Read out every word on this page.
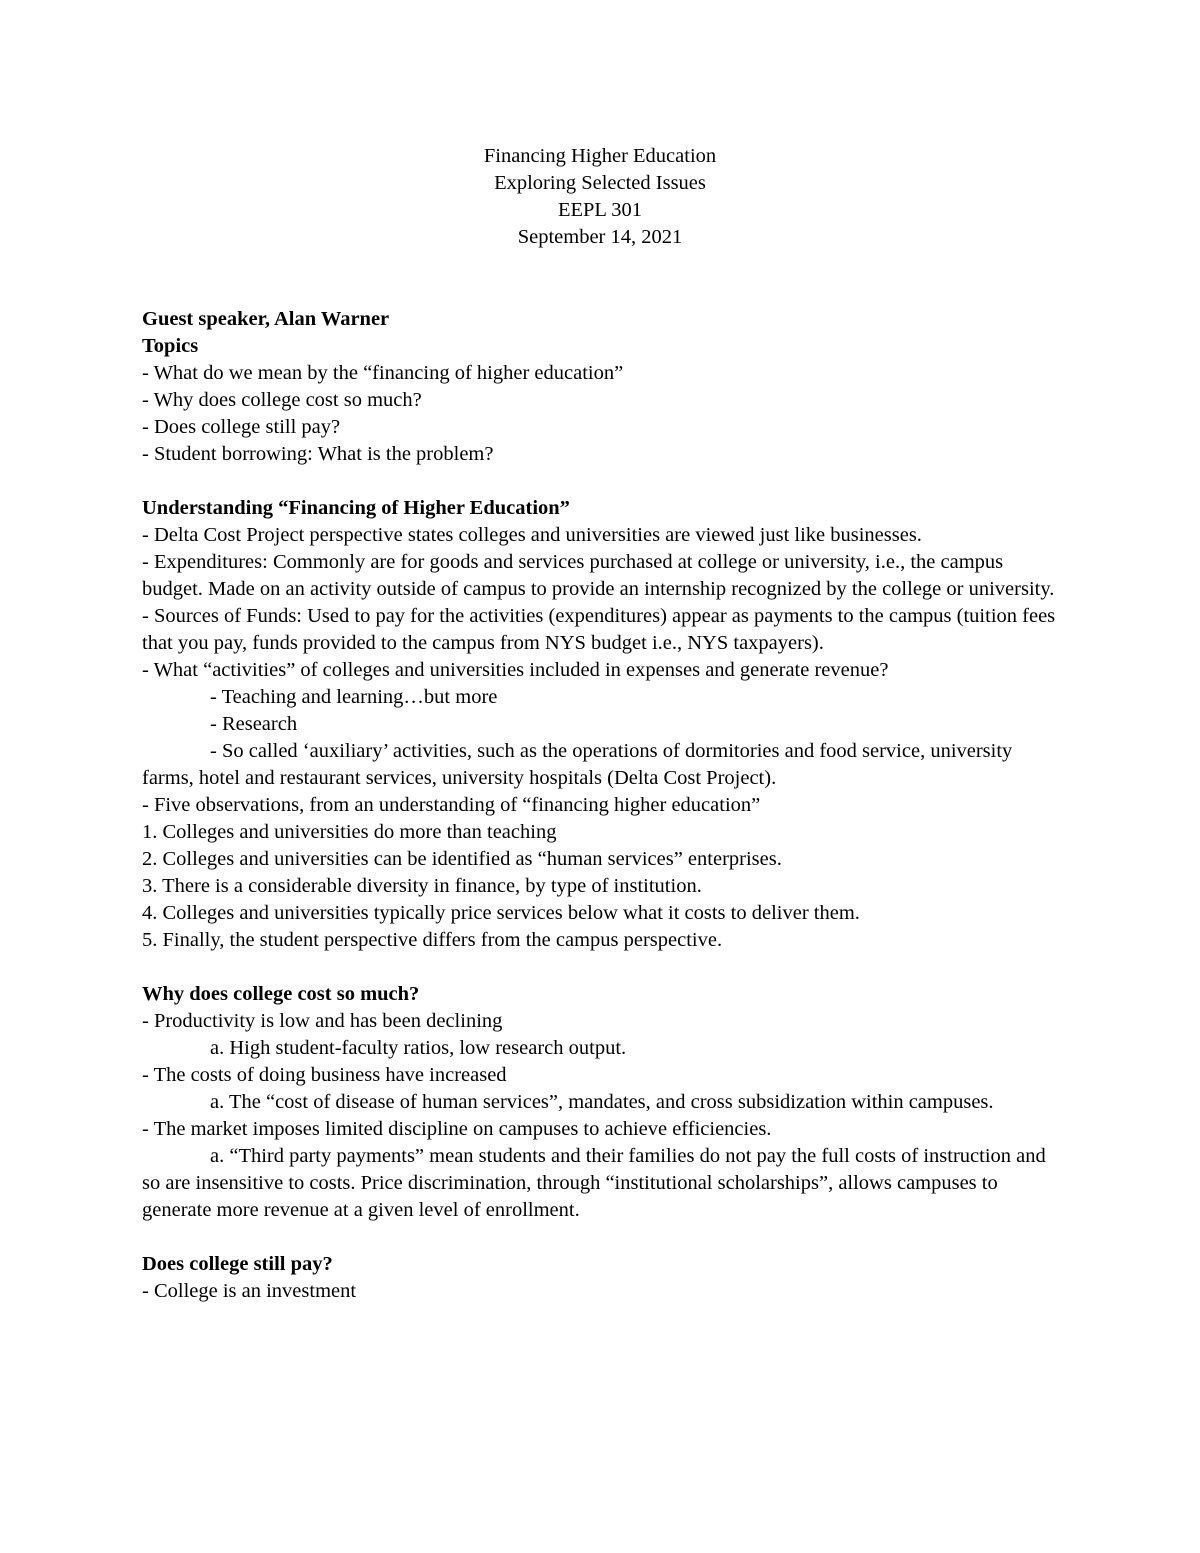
Financing Higher Education
Exploring Selected Issues
EEPL 301
September 14, 2021
Guest speaker, Alan Warner
Topics
- What do we mean by the “financing of higher education”
- Why does college cost so much?
- Does college still pay?
- Student borrowing: What is the problem?
Understanding “Financing of Higher Education”
- Delta Cost Project perspective states colleges and universities are viewed just like businesses.
- Expenditures: Commonly are for goods and services purchased at college or university, i.e., the campus budget. Made on an activity outside of campus to provide an internship recognized by the college or university.
- Sources of Funds: Used to pay for the activities (expenditures) appear as payments to the campus (tuition fees that you pay, funds provided to the campus from NYS budget i.e., NYS taxpayers).
- What “activities” of colleges and universities included in expenses and generate revenue?
- Teaching and learning…but more
- Research
- So called ‘auxiliary’ activities, such as the operations of dormitories and food service, university farms, hotel and restaurant services, university hospitals (Delta Cost Project).
- Five observations, from an understanding of “financing higher education”
1. Colleges and universities do more than teaching
2. Colleges and universities can be identified as “human services” enterprises.
3. There is a considerable diversity in finance, by type of institution.
4. Colleges and universities typically price services below what it costs to deliver them.
5. Finally, the student perspective differs from the campus perspective.
Why does college cost so much?
- Productivity is low and has been declining
a. High student-faculty ratios, low research output.
- The costs of doing business have increased
a. The “cost of disease of human services”, mandates, and cross subsidization within campuses.
- The market imposes limited discipline on campuses to achieve efficiencies.
a. “Third party payments” mean students and their families do not pay the full costs of instruction and so are insensitive to costs. Price discrimination, through “institutional scholarships”, allows campuses to generate more revenue at a given level of enrollment.
Does college still pay?
- College is an investment
